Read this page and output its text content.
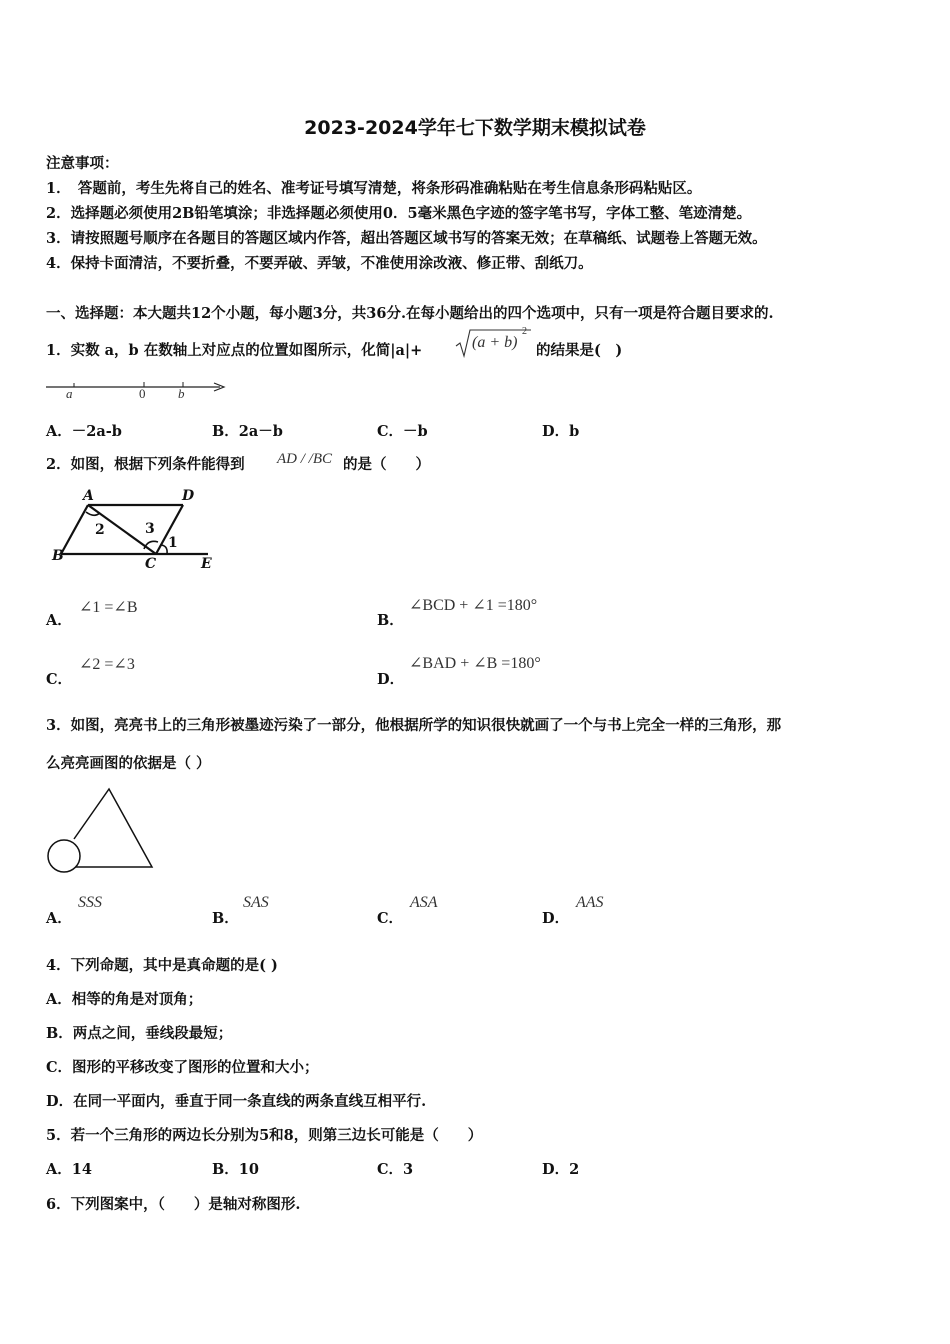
2023-2024学年七下数学期末模拟试卷
注意事项：
1．　答题前，考生先将自己的姓名、准考证号填写清楚，将条形码准确粘贴在考生信息条形码粘贴区。
2．选择题必须使用2B铅笔填涂；非选择题必须使用0．5毫米黑色字迹的签字笔书写，字体工整、笔迹清楚。
3．请按照题号顺序在各题目的答题区域内作答，超出答题区域书写的答案无效；在草稿纸、试题卷上答题无效。
4．保持卡面清洁，不要折叠，不要弄破、弄皱，不准使用涂改液、修正带、刮纸刀。
一、选择题：本大题共12个小题，每小题3分，共36分.在每小题给出的四个选项中，只有一项是符合题目要求的.
1．实数 a，b 在数轴上对应点的位置如图所示，化简|a|+	(a + b)
2
的结果是(　)
a	0	b
A．－2a-b	B．2a－b	C．－b	D．b
2．如图，根据下列条件能得到 AD / /BC 的是（　　）
A	D
B	C	E
2	3
1
A．
∠1 =∠B
B．
∠BCD + ∠1 =180°
C．
∠2 =∠3
D．
∠BAD + ∠B =180°
3．如图，亮亮书上的三角形被墨迹污染了一部分，他根据所学的知识很快就画了一个与书上完全一样的三角形，那
么亮亮画图的依据是（ ）
A．
SSS
B．
SAS
C．
ASA
D．
AAS
4．下列命题，其中是真命题的是( )
A．相等的角是对顶角；
B．两点之间，垂线段最短；
C．图形的平移改变了图形的位置和大小；
D．在同一平面内，垂直于同一条直线的两条直线互相平行.
5．若一个三角形的两边长分别为5和8，则第三边长可能是（　　）
A．14	B．10	C．3	D．2
6．下列图案中，（　　）是轴对称图形.
